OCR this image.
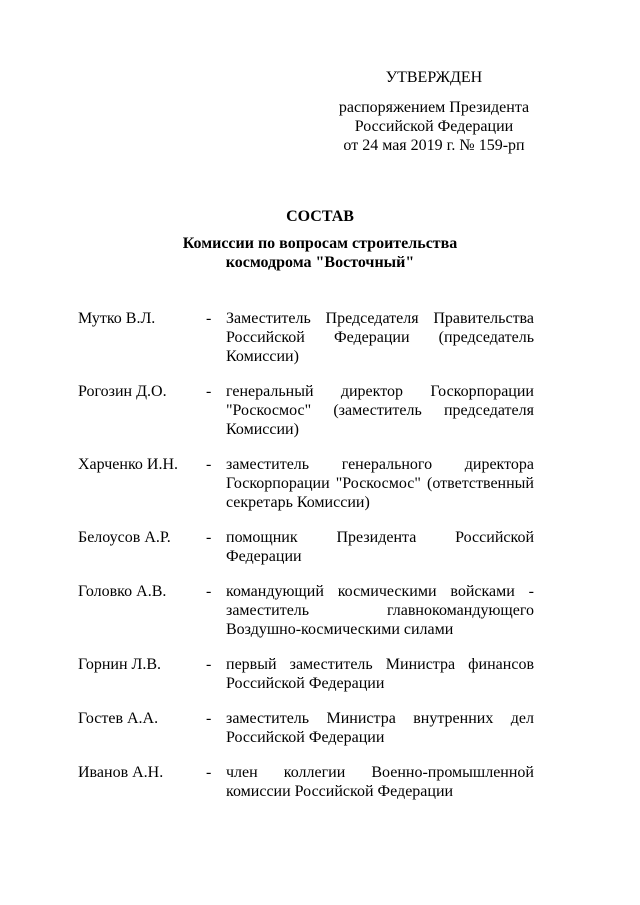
УТВЕРЖДЕН
распоряжением Президента
Российской Федерации
от 24 мая 2019 г. № 159-рп
СОСТАВ
Комиссии по вопросам строительства
космодрома "Восточный"
Мутко В.Л.	- Заместитель Председателя Правительства
Российской Федерации (председатель
Комиссии)
Рогозин Д.О.	- генеральный директор Госкорпорации
"Роскосмос" (заместитель председателя
Комиссии)
Харченко И.Н.	- заместитель генерального директора
Госкорпорации "Роскосмос" (ответственный
секретарь Комиссии)
Белоусов А.Р.	- помощник Президента Российской
Федерации
Головко А.В.	- командующий космическими войсками -
заместитель главнокомандующего
Воздушно-космическими силами
Горнин Л.В.	- первый заместитель Министра финансов
Российской Федерации
Гостев А.А.	- заместитель Министра внутренних дел
Российской Федерации
Иванов А.Н.	- член коллегии Военно-промышленной
комиссии Российской Федерации
